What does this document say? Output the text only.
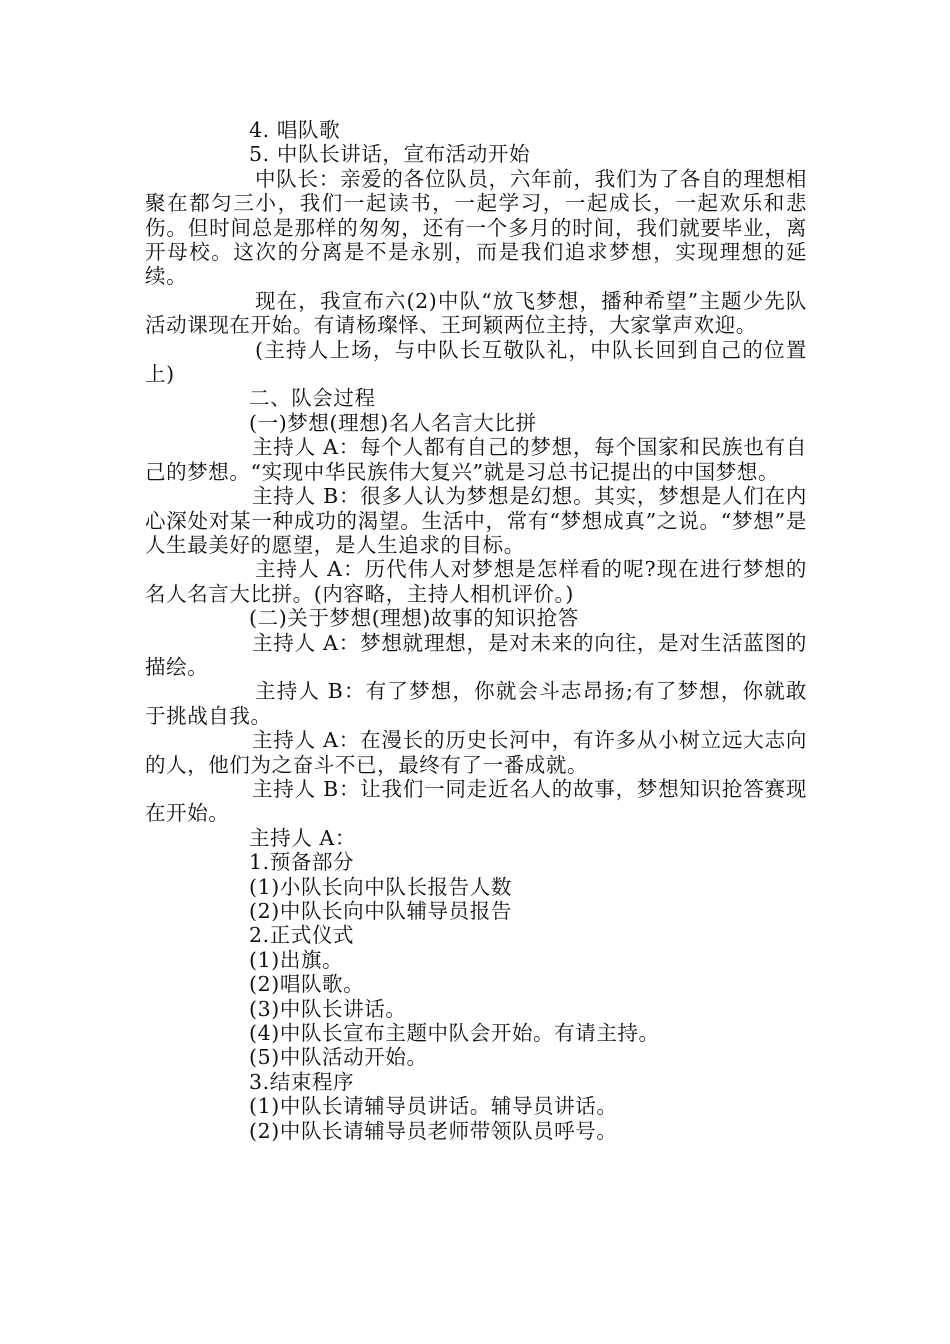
4. 唱队歌

5. 中队长讲话，宣布活动开始

中队长：亲爱的各位队员，六年前，我们为了各自的理想相聚在都匀三小，我们一起读书，一起学习，一起成长，一起欢乐和悲伤。但时间总是那样的匆匆，还有一个多月的时间，我们就要毕业，离开母校。这次的分离是不是永别，而是我们追求梦想，实现理想的延续。

现在，我宣布六(2)中队“放飞梦想，播种希望”主题少先队活动课现在开始。有请杨璨怿、王珂颖两位主持，大家掌声欢迎。

(主持人上场，与中队长互敬队礼，中队长回到自己的位置上)

二、队会过程

(一)梦想(理想)名人名言大比拼

主持人 A：每个人都有自己的梦想，每个国家和民族也有自己的梦想。“实现中华民族伟大复兴”就是习总书记提出的中国梦想。

主持人 B：很多人认为梦想是幻想。其实，梦想是人们在内心深处对某一种成功的渴望。生活中，常有“梦想成真”之说。“梦想”是人生最美好的愿望，是人生追求的目标。

主持人 A：历代伟人对梦想是怎样看的呢?现在进行梦想的名人名言大比拼。(内容略，主持人相机评价。)

(二)关于梦想(理想)故事的知识抢答

主持人 A：梦想就理想，是对未来的向往，是对生活蓝图的描绘。

主持人 B：有了梦想，你就会斗志昂扬;有了梦想，你就敢于挑战自我。

主持人 A：在漫长的历史长河中，有许多从小树立远大志向的人，他们为之奋斗不已，最终有了一番成就。

主持人 B：让我们一同走近名人的故事，梦想知识抢答赛现在开始。

主持人 A：

1.预备部分

(1)小队长向中队长报告人数

(2)中队长向中队辅导员报告

2.正式仪式

(1)出旗。

(2)唱队歌。

(3)中队长讲话。

(4)中队长宣布主题中队会开始。有请主持。

(5)中队活动开始。

3.结束程序

(1)中队长请辅导员讲话。辅导员讲话。

(2)中队长请辅导员老师带领队员呼号。
